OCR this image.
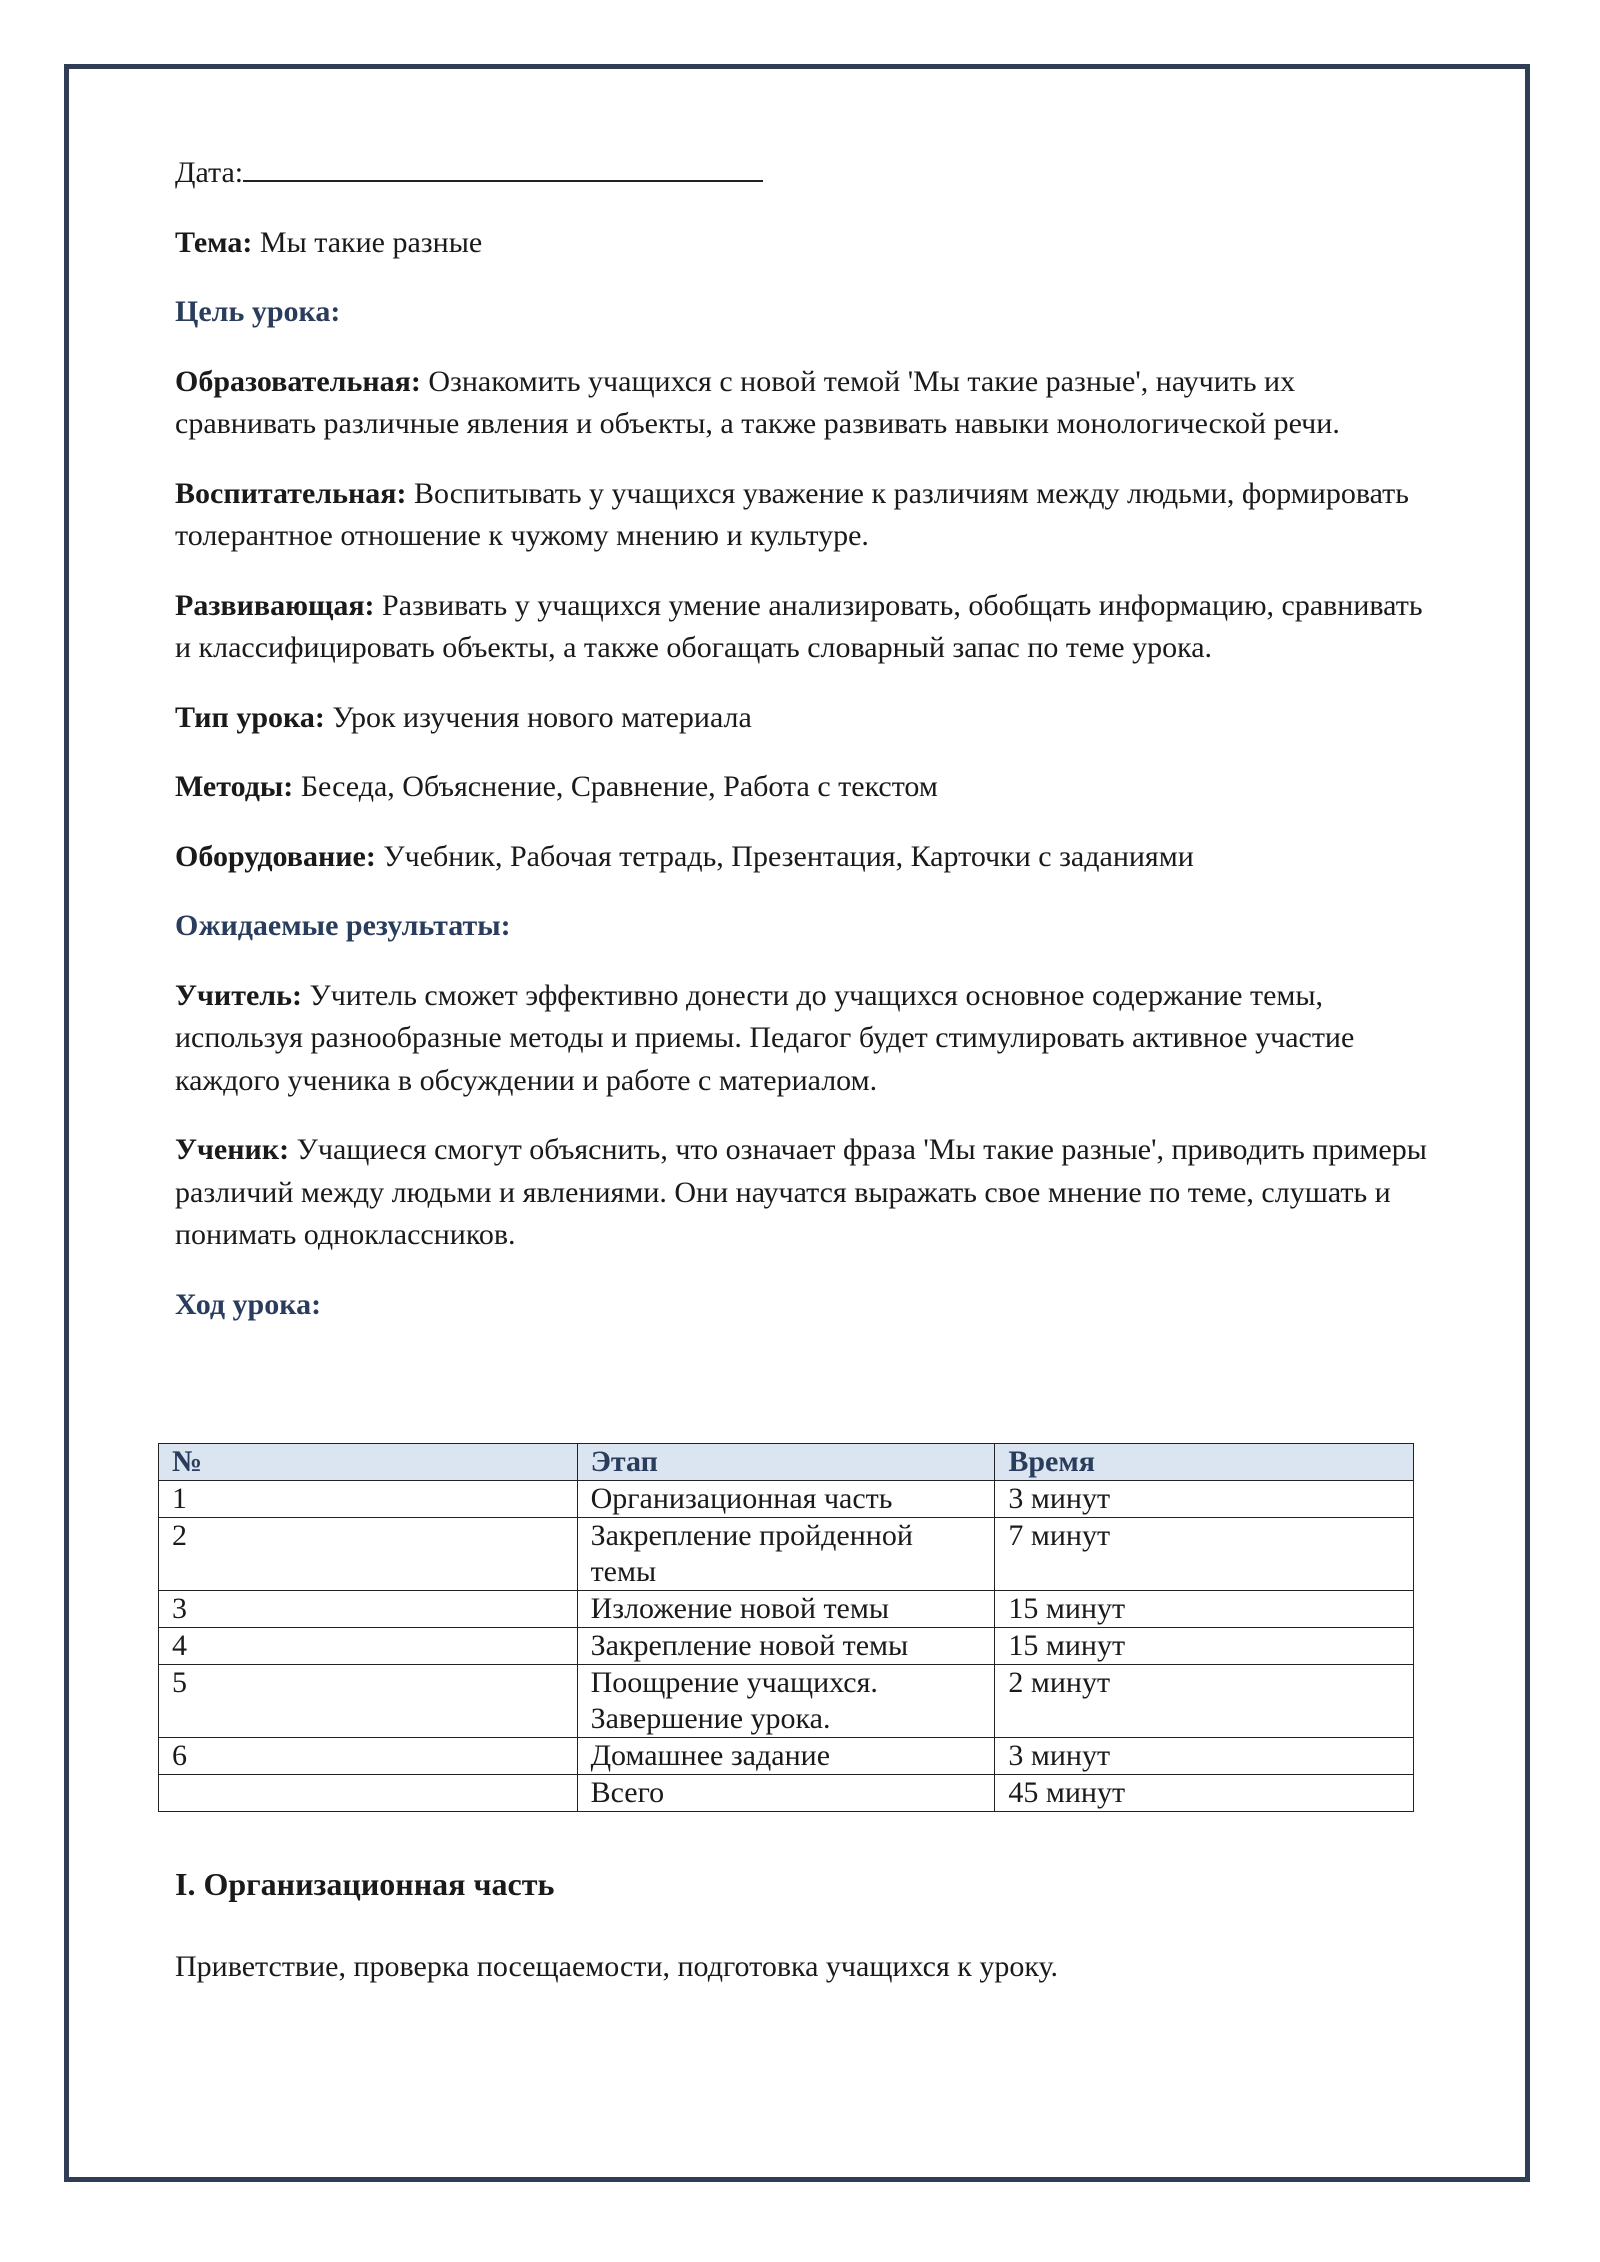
Дата:

Тема: Мы такие разные

Цель урока:

Образовательная: Ознакомить учащихся с новой темой 'Мы такие разные', научить их сравнивать различные явления и объекты, а также развивать навыки монологической речи.

Воспитательная: Воспитывать у учащихся уважение к различиям между людьми, формировать толерантное отношение к чужому мнению и культуре.

Развивающая: Развивать у учащихся умение анализировать, обобщать информацию, сравнивать и классифицировать объекты, а также обогащать словарный запас по теме урока.

Тип урока: Урок изучения нового материала

Методы: Беседа, Объяснение, Сравнение, Работа с текстом

Оборудование: Учебник, Рабочая тетрадь, Презентация, Карточки с заданиями

Ожидаемые результаты:

Учитель: Учитель сможет эффективно донести до учащихся основное содержание темы, используя разнообразные методы и приемы. Педагог будет стимулировать активное участие каждого ученика в обсуждении и работе с материалом.

Ученик: Учащиеся смогут объяснить, что означает фраза 'Мы такие разные', приводить примеры различий между людьми и явлениями. Они научатся выражать свое мнение по теме, слушать и понимать одноклассников.

Ход урока:

№	Этап	Время
1	Организационная часть	3 минут
2	Закрепление пройденной темы	7 минут
3	Изложение новой темы	15 минут
4	Закрепление новой темы	15 минут
5	Поощрение учащихся. Завершение урока.	2 минут
6	Домашнее задание	3 минут
	Всего	45 минут

I. Организационная часть

Приветствие, проверка посещаемости, подготовка учащихся к уроку.
